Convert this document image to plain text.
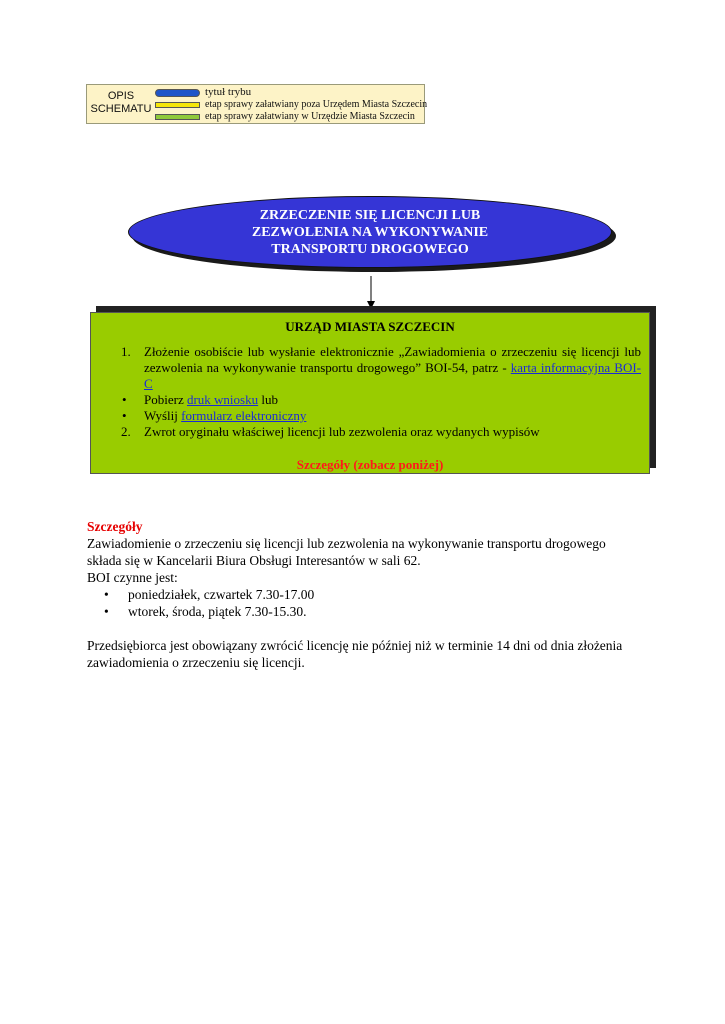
OPIS
SCHEMATU
tytuł trybu
etap sprawy załatwiany poza Urzędem Miasta Szczecin
etap sprawy załatwiany w Urzędzie Miasta Szczecin
ZRZECZENIE SIĘ LICENCJI LUB ZEZWOLENIA NA WYKONYWANIE TRANSPORTU DROGOWEGO
URZĄD MIASTA SZCZECIN
1. Złożenie osobiście lub wysłanie elektronicznie „Zawiadomienia o zrzeczeniu się licencji lub zezwolenia na wykonywanie transportu drogowego” BOI-54, patrz - karta informacyjna BOI-C
• Pobierz druk wniosku lub
• Wyślij formularz elektroniczny
2. Zwrot oryginału właściwej licencji lub zezwolenia oraz wydanych wypisów
Szczegóły (zobacz poniżej)

Szczegóły

Zawiadomienie o zrzeczeniu się licencji lub zezwolenia na wykonywanie transportu drogowego składa się w Kancelarii Biura Obsługi Interesantów w sali 62.

BOI czynne jest:

• poniedziałek, czwartek 7.30-17.00
• wtorek, środa, piątek 7.30-15.30.

Przedsiębiorca jest obowiązany zwrócić licencję nie później niż w terminie 14 dni od dnia złożenia zawiadomienia o zrzeczeniu się licencji.
